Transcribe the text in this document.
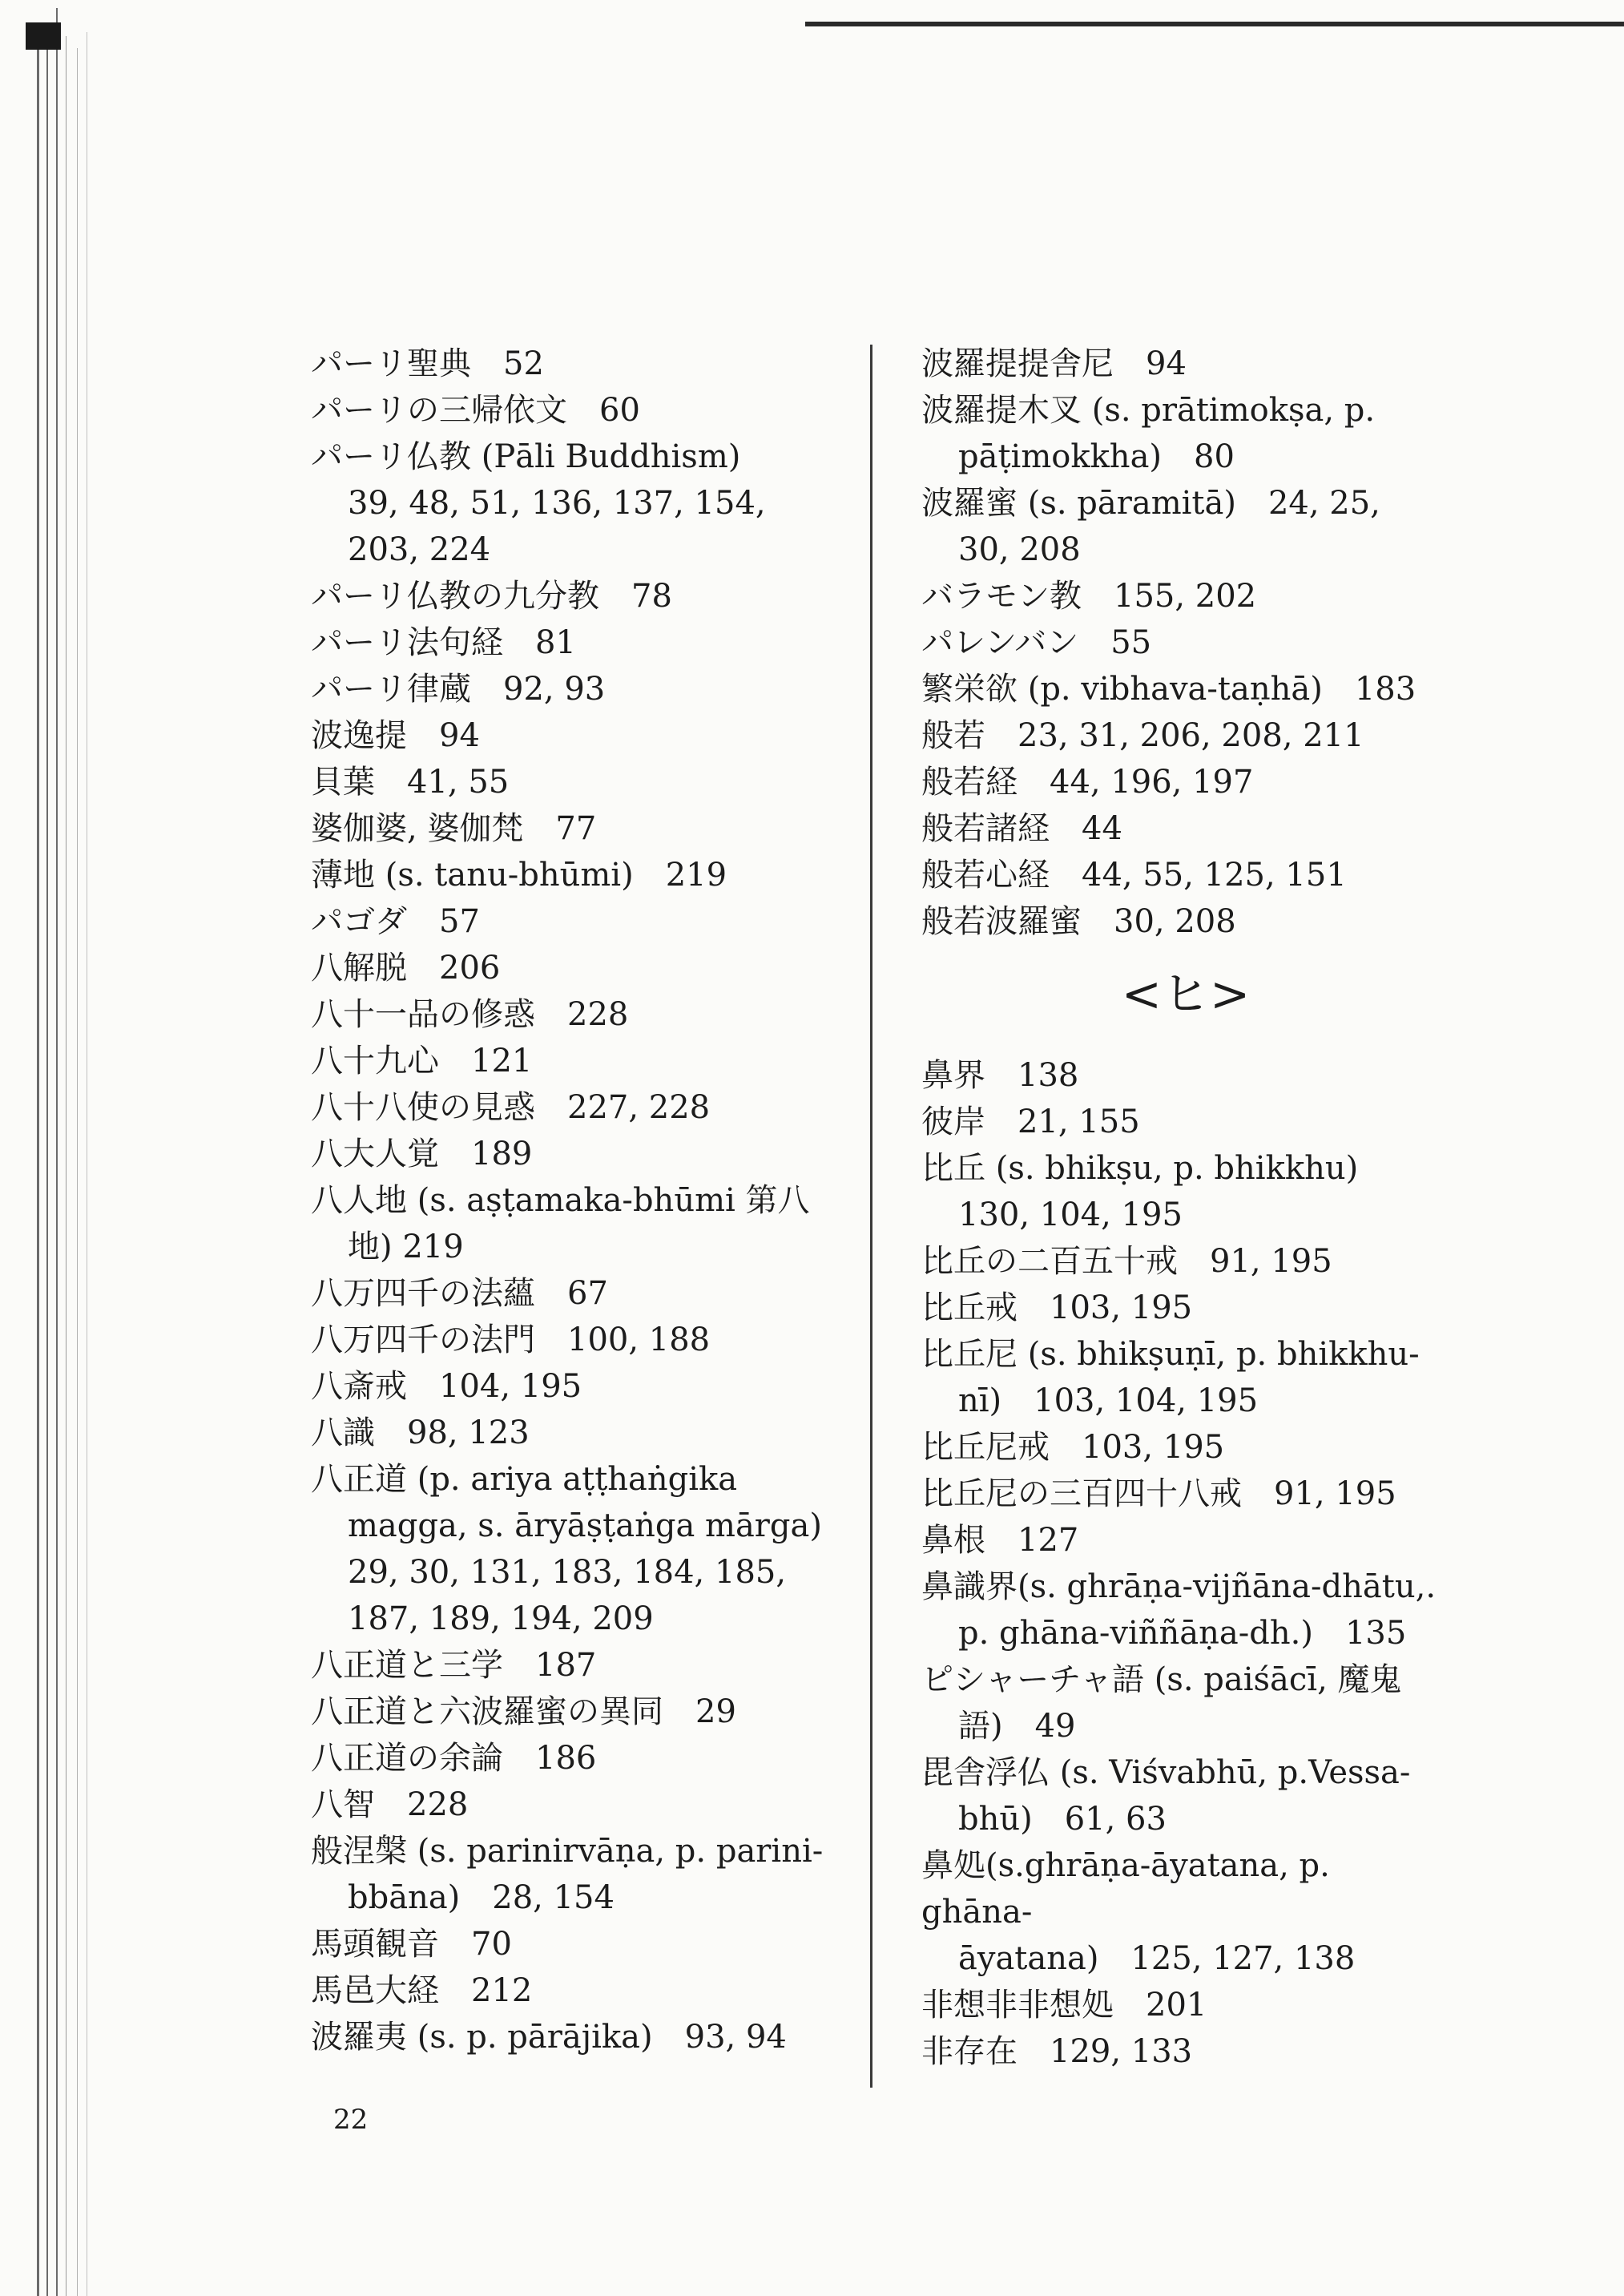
パーリ聖典　52
パーリの三帰依文　60
パーリ仏教 (Pāli Buddhism)
39, 48, 51, 136, 137, 154,
203, 224
パーリ仏教の九分教　78
パーリ法句経　81
パーリ律蔵　92, 93
波逸提　94
貝葉　41, 55
婆伽婆, 婆伽梵　77
薄地 (s. tanu-bhūmi)　219
パゴダ　57
八解脱　206
八十一品の修惑　228
八十九心　121
八十八使の見惑　227, 228
八大人覚　189
八人地 (s. aṣṭamaka-bhūmi 第八
地) 219
八万四千の法蘊　67
八万四千の法門　100, 188
八斎戒　104, 195
八識　98, 123
八正道 (p. ariya aṭṭhaṅgika
magga, s. āryāṣṭaṅga mārga)
29, 30, 131, 183, 184, 185,
187, 189, 194, 209
八正道と三学　187
八正道と六波羅蜜の異同　29
八正道の余論　186
八智　228
般涅槃 (s. parinirvāṇa, p. parini-
bbāna)　28, 154
馬頭観音　70
馬邑大経　212
波羅夷 (s. p. pārājika)　93, 94
波羅提提舎尼　94
波羅提木叉 (s. prātimokṣa, p.
pāṭimokkha)　80
波羅蜜 (s. pāramitā)　24, 25,
30, 208
バラモン教　155, 202
パレンバン　55
繁栄欲 (p. vibhava-taṇhā)　183
般若　23, 31, 206, 208, 211
般若経　44, 196, 197
般若諸経　44
般若心経　44, 55, 125, 151
般若波羅蜜　30, 208
<ヒ>
鼻界　138
彼岸　21, 155
比丘 (s. bhikṣu, p. bhikkhu)
130, 104, 195
比丘の二百五十戒　91, 195
比丘戒　103, 195
比丘尼 (s. bhikṣuṇī, p. bhikkhu-
nī)　103, 104, 195
比丘尼戒　103, 195
比丘尼の三百四十八戒　91, 195
鼻根　127
鼻識界(s. ghrāṇa-vijñāna-dhātu,.
p. ghāna-viññāṇa-dh.)　135
ピシャーチャ語 (s. paiśācī, 魔鬼
語)　49
毘舎浮仏 (s. Viśvabhū, p.Vessa-
bhū)　61, 63
鼻処(s.ghrāṇa-āyatana, p. ghāna-
āyatana)　125, 127, 138
非想非非想処　201
非存在　129, 133
22
